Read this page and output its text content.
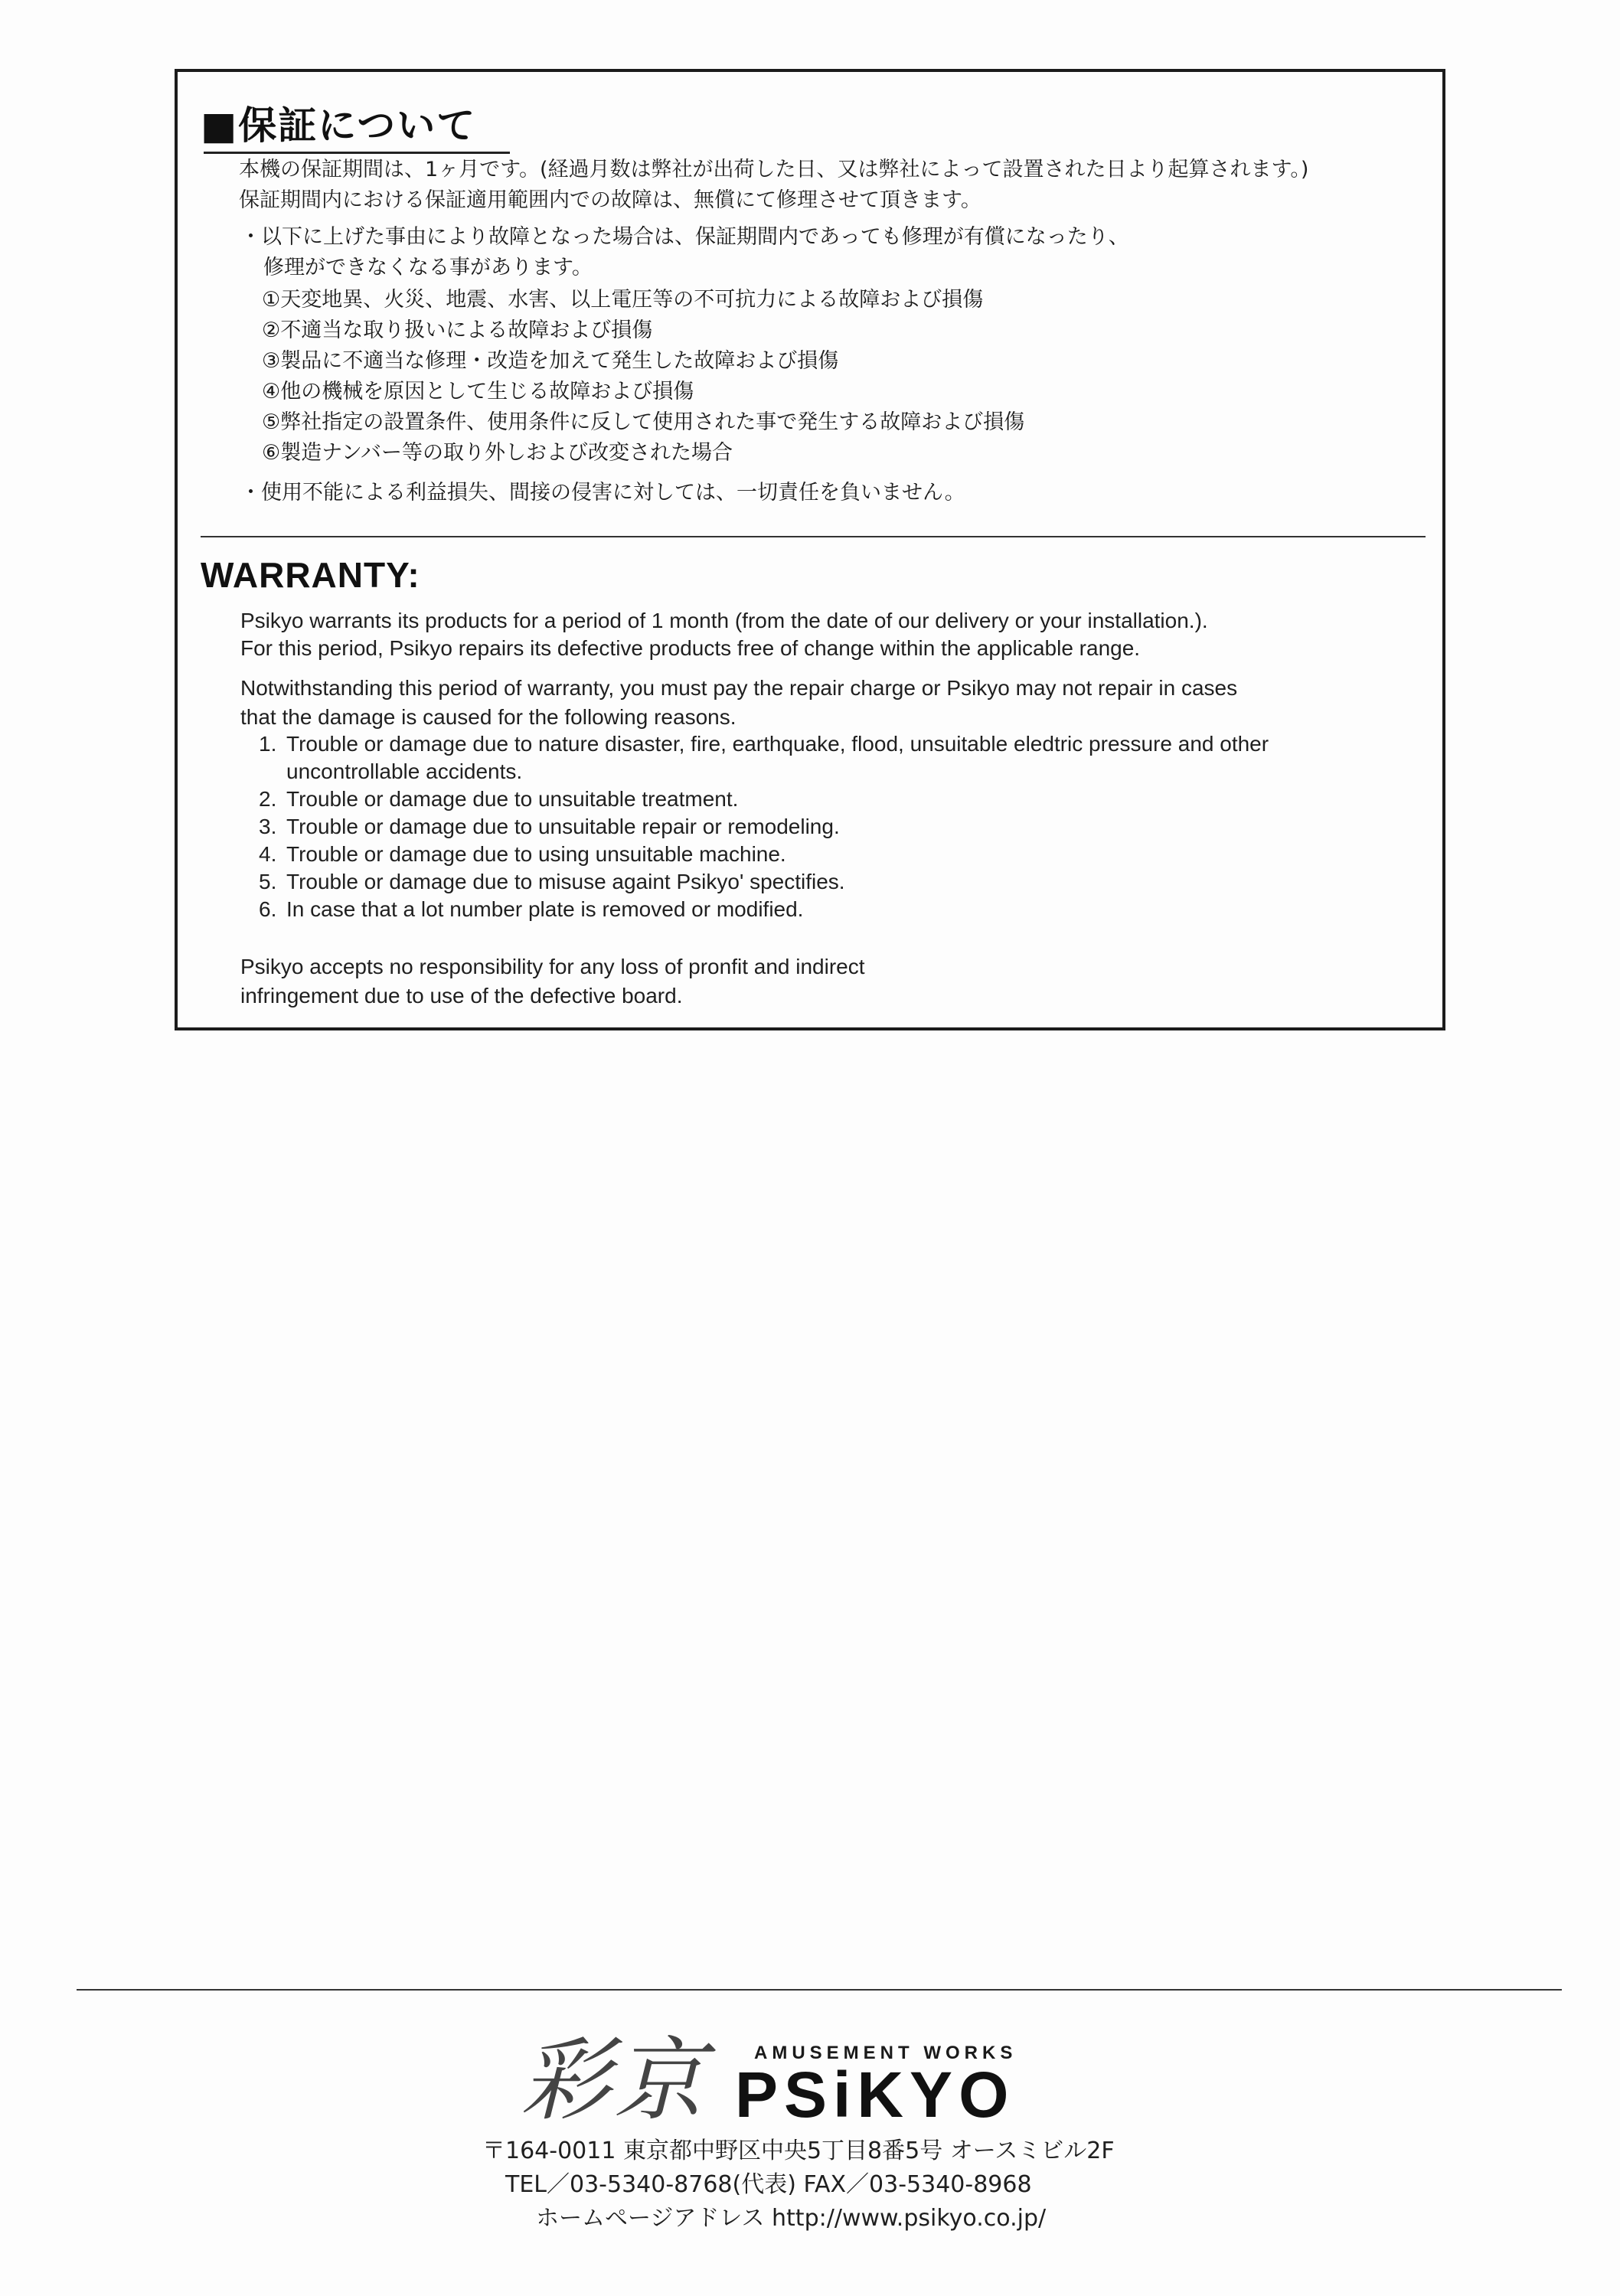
■保証について
本機の保証期間は、1ヶ月です。(経過月数は弊社が出荷した日、又は弊社によって設置された日より起算されます。)
保証期間内における保証適用範囲内での故障は、無償にて修理させて頂きます。
・以下に上げた事由により故障となった場合は、保証期間内であっても修理が有償になったり、
修理ができなくなる事があります。
①天変地異、火災、地震、水害、以上電圧等の不可抗力による故障および損傷
②不適当な取り扱いによる故障および損傷
③製品に不適当な修理・改造を加えて発生した故障および損傷
④他の機械を原因として生じる故障および損傷
⑤弊社指定の設置条件、使用条件に反して使用された事で発生する故障および損傷
⑥製造ナンバー等の取り外しおよび改変された場合
・使用不能による利益損失、間接の侵害に対しては、一切責任を負いません。
WARRANTY:
Psikyo warrants its products for a period of 1 month (from the date of our delivery or your installation.).
For this period, Psikyo repairs its defective products free of change within the applicable range.
Notwithstanding this period of warranty, you must pay the repair charge or Psikyo may not repair in cases
that the damage is caused for the following reasons.
1. Trouble or damage due to nature disaster, fire, earthquake, flood, unsuitable eledtric pressure and other uncontrollable accidents.
2. Trouble or damage due to unsuitable treatment.
3. Trouble or damage due to unsuitable repair or remodeling.
4. Trouble or damage due to using unsuitable machine.
5. Trouble or damage due to misuse againt Psikyo' spectifies.
6. In case that a lot number plate is removed or modified.
Psikyo accepts no responsibility for any loss of pronfit and indirect
infringement due to use of the defective board.
彩京	AMUSEMENT WORKS
PSiKYO
〒164-0011 東京都中野区中央5丁目8番5号 オースミビル2F
TEL／03-5340-8768(代表) FAX／03-5340-8968
ホームページアドレス http://www.psikyo.co.jp/
